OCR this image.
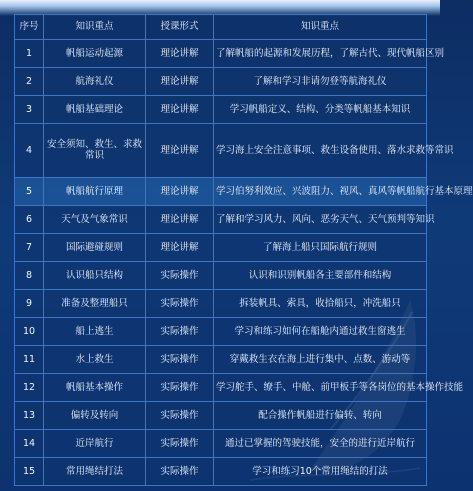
序号	知识重点	授课形式	知识重点
1	帆船运动起源	理论讲解	了解帆船的起源和发展历程，了解古代、现代帆船区别
2	航海礼仪	理论讲解	了解和学习非请勿登等航海礼仪
3	帆船基础理论	理论讲解	学习帆船定义、结构、分类等帆船基本知识
4	安全须知、救生、求救常识	理论讲解	学习海上安全注意事项、救生设备使用、落水求救等常识
5	帆船航行原理	理论讲解	学习伯努利效应、兴波阻力、视风、真风等帆船航行基本原理
6	天气及气象常识	理论讲解	了解和学习风力、风向、恶劣天气、天气预判等知识
7	国际避碰规则	理论讲解	了解海上船只国际航行规则
8	认识船只结构	实际操作	认识和识别帆船各主要部件和结构
9	准备及整理船只	实际操作	拆装帆具、索具，收拾船只，冲洗船只
10	船上逃生	实际操作	学习和练习如何在船舱内通过救生窗逃生
11	水上救生	实际操作	穿戴救生衣在海上进行集中、点数、游动等
12	帆船基本操作	实际操作	学习舵手、缭手、中舱、前甲板手等各岗位的基本操作技能
13	偏转及转向	实际操作	配合操作帆船进行偏转、转向
14	近岸航行	实际操作	通过已掌握的驾驶技能，安全的进行近岸航行
15	常用绳结打法	实际操作	学习和练习10个常用绳结的打法
